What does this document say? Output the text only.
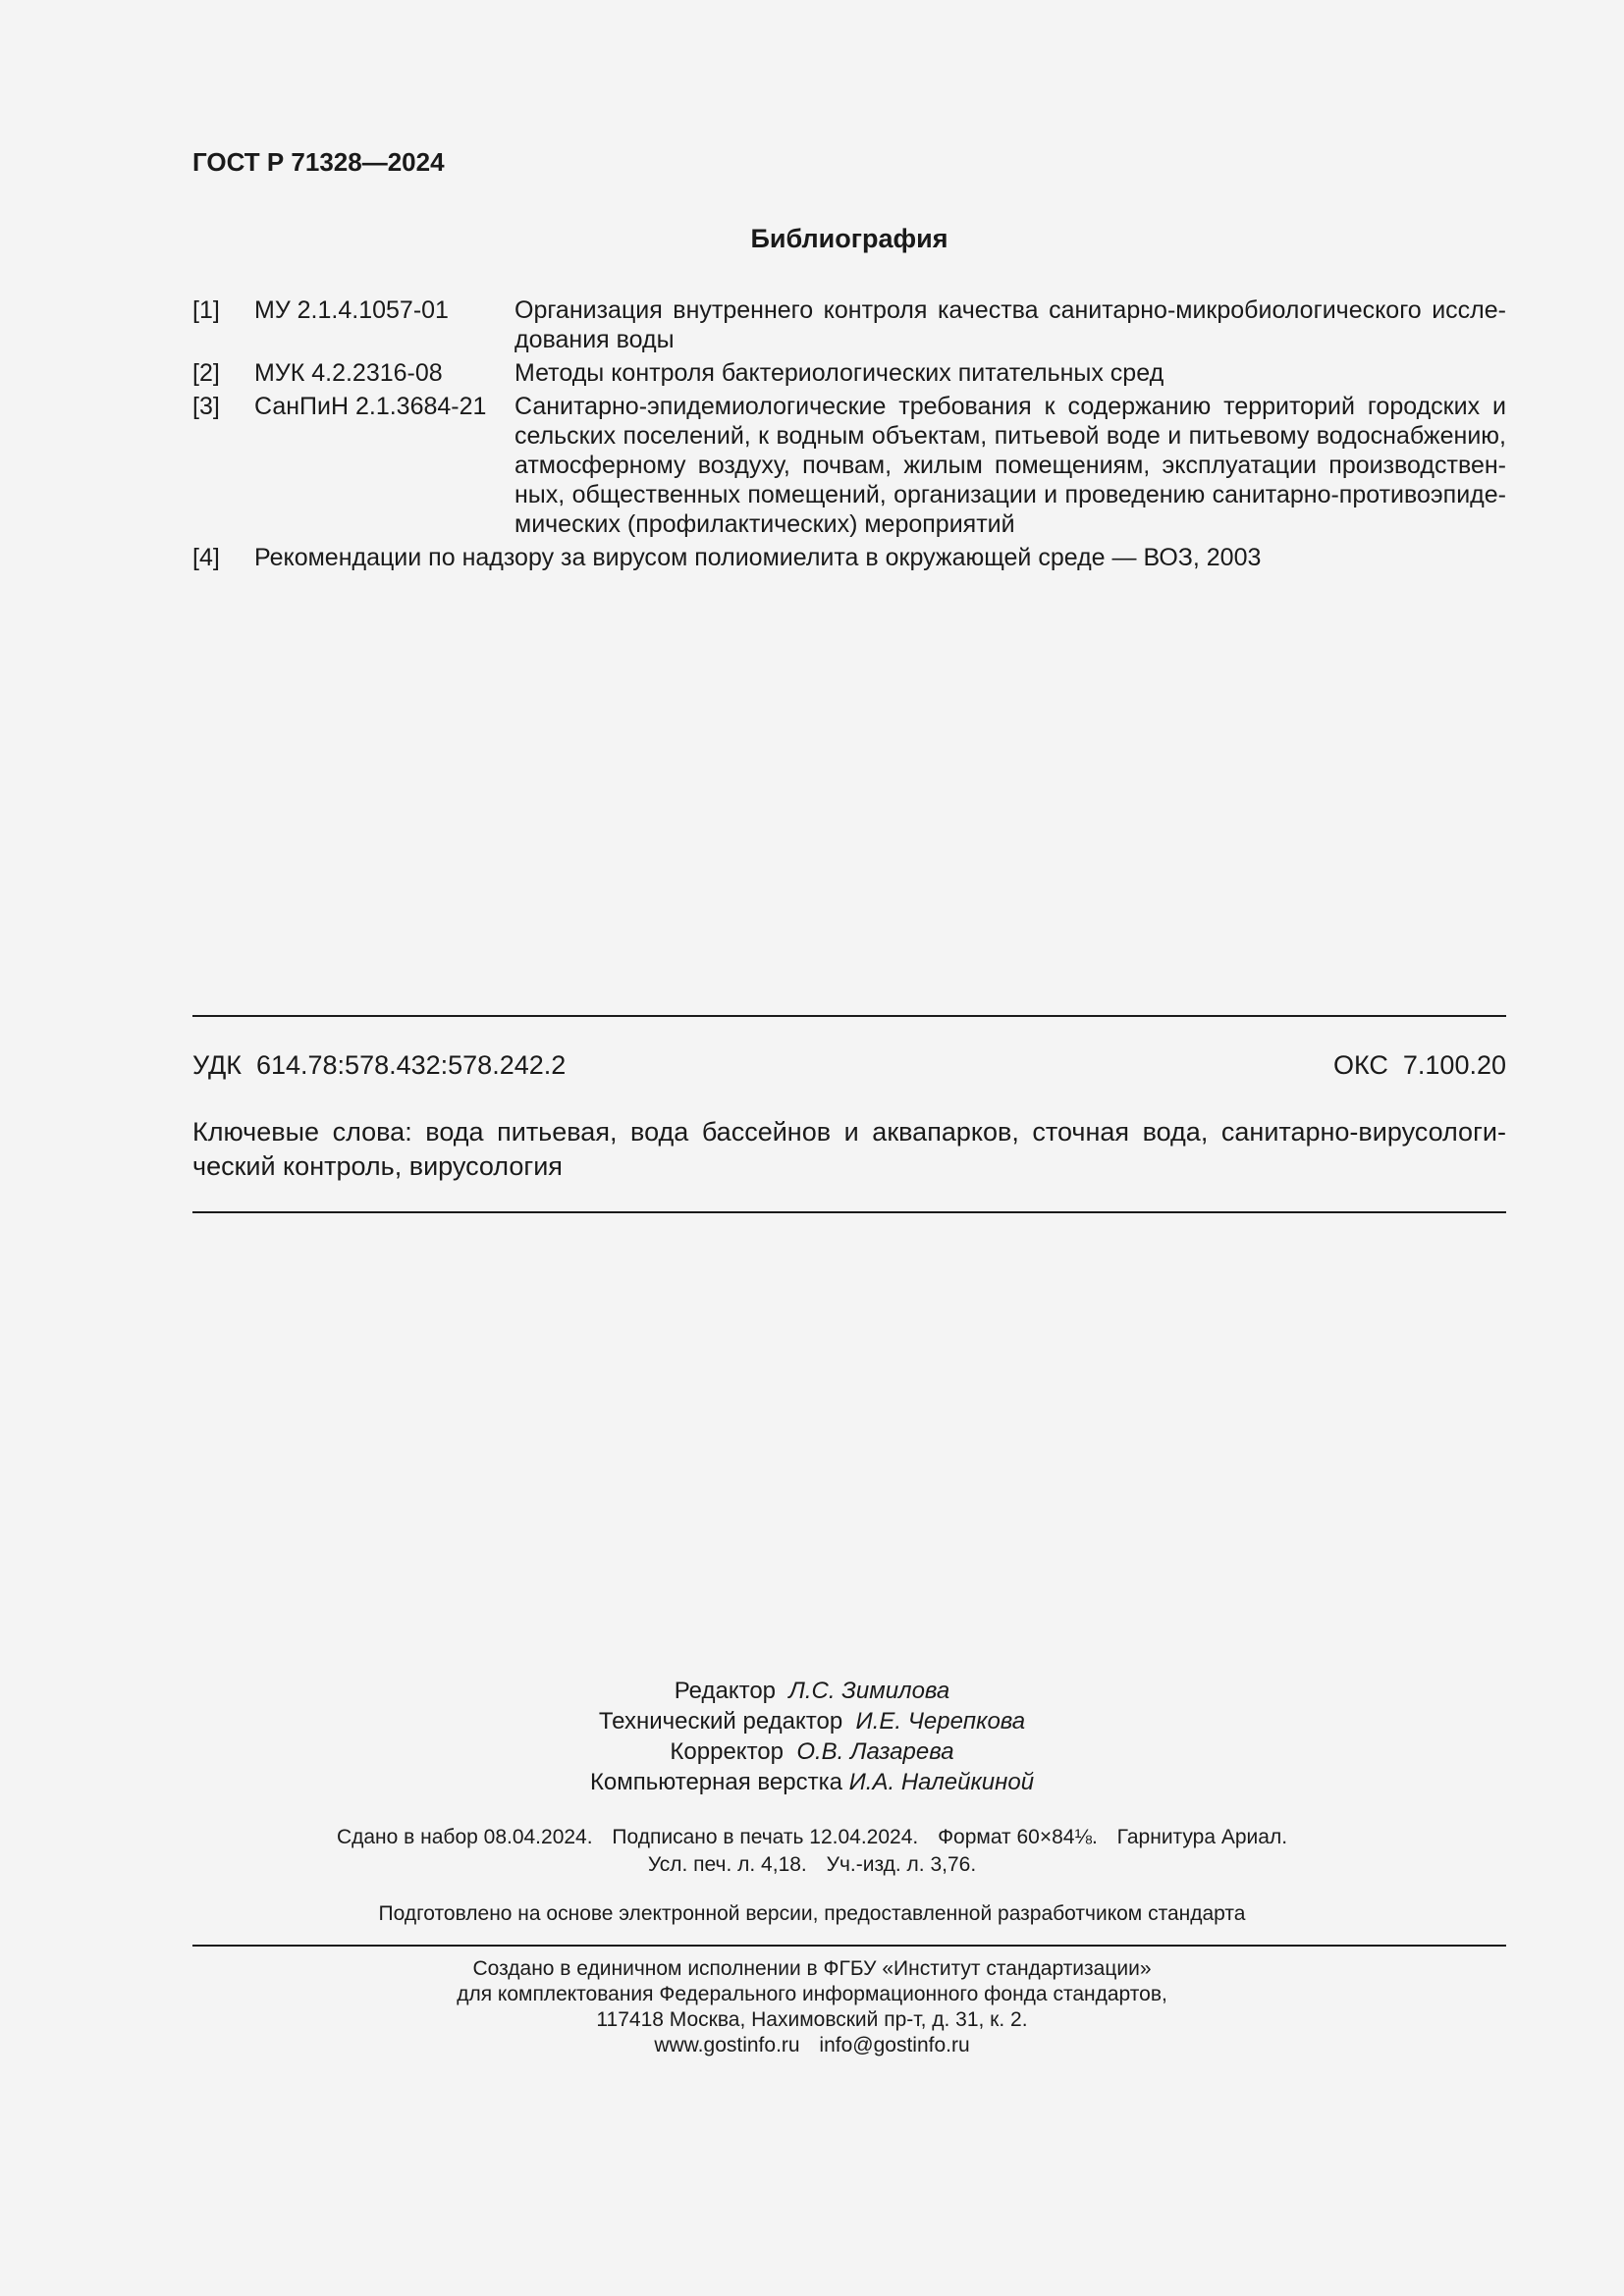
ГОСТ Р 71328—2024
Библиография
[1]	МУ 2.1.4.1057-01	Организация внутреннего контроля качества санитарно-микробиологического иссле-дования воды
[2]	МУК 4.2.2316-08	Методы контроля бактериологических питательных сред
[3]	СанПиН 2.1.3684-21	Санитарно-эпидемиологические требования к содержанию территорий городских и сельских поселений, к водным объектам, питьевой воде и питьевому водоснабжению, атмосферному воздуху, почвам, жилым помещениям, эксплуатации производствен-ных, общественных помещений, организации и проведению санитарно-противоэпиде-мических (профилактических) мероприятий
[4]	Рекомендации по надзору за вирусом полиомиелита в окружающей среде — ВОЗ, 2003
УДК 614.78:578.432:578.242.2	ОКС 7.100.20
Ключевые слова: вода питьевая, вода бассейнов и аквапарков, сточная вода, санитарно-вирусологи-ческий контроль, вирусология
Редактор Л.С. Зимилова
Технический редактор И.Е. Черепкова
Корректор О.В. Лазарева
Компьютерная верстка И.А. Налейкиной
Сдано в набор 08.04.2024. Подписано в печать 12.04.2024. Формат 60×84⅛. Гарнитура Ариал.
Усл. печ. л. 4,18. Уч.-изд. л. 3,76.
Подготовлено на основе электронной версии, предоставленной разработчиком стандарта
Создано в единичном исполнении в ФГБУ «Институт стандартизации»
для комплектования Федерального информационного фонда стандартов,
117418 Москва, Нахимовский пр-т, д. 31, к. 2.
www.gostinfo.ru info@gostinfo.ru
